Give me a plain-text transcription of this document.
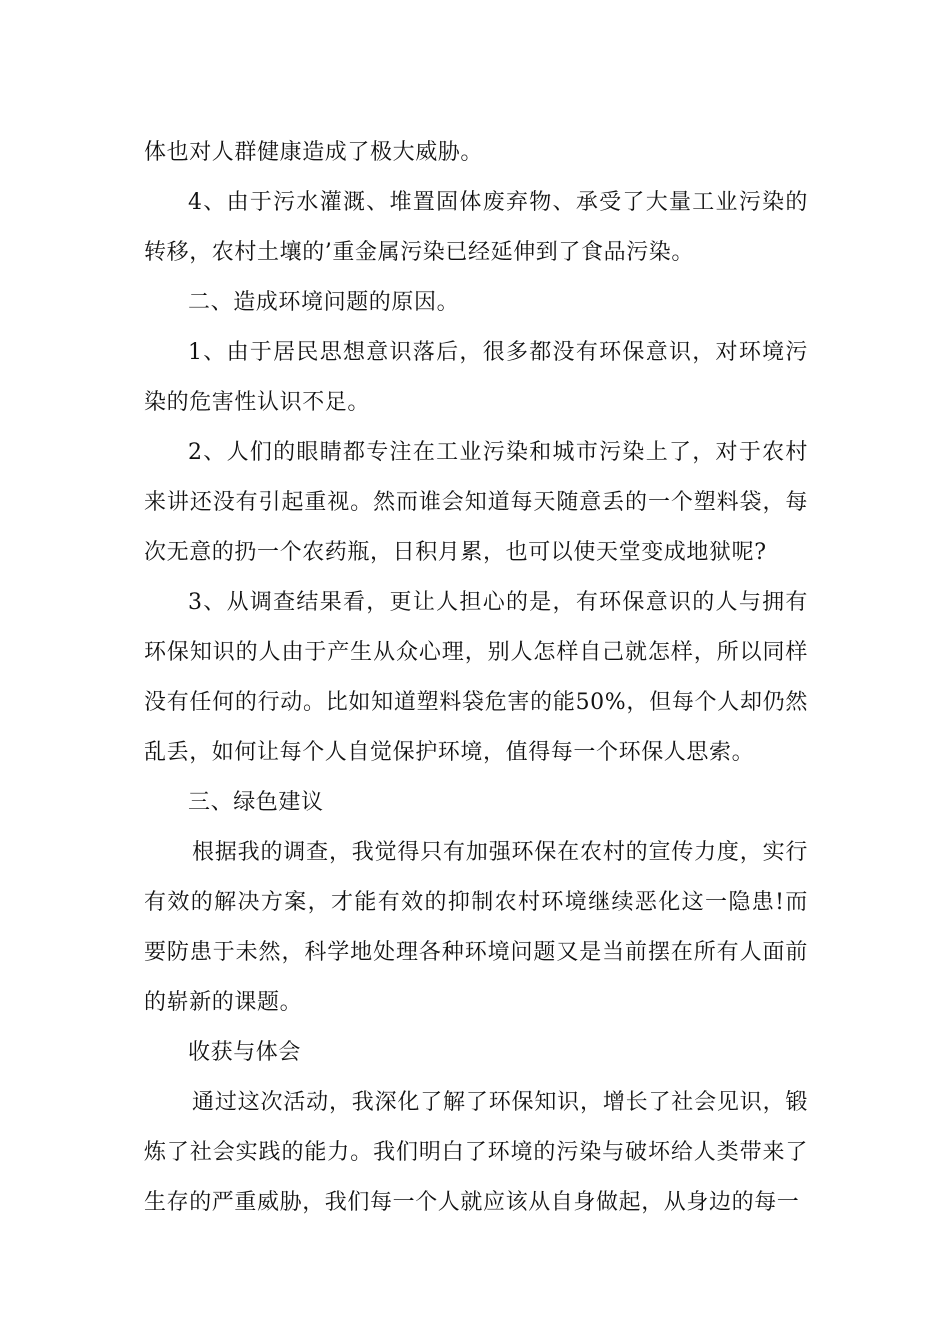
体也对人群健康造成了极大威胁。

4、由于污水灌溉、堆置固体废弃物、承受了大量工业污染的转移，农村土壤的’重金属污染已经延伸到了食品污染。

二、造成环境问题的原因。

1、由于居民思想意识落后，很多都没有环保意识，对环境污染的危害性认识不足。

2、人们的眼睛都专注在工业污染和城市污染上了，对于农村来讲还没有引起重视。然而谁会知道每天随意丢的一个塑料袋，每次无意的扔一个农药瓶，日积月累，也可以使天堂变成地狱呢?

3、从调查结果看，更让人担心的是，有环保意识的人与拥有环保知识的人由于产生从众心理，别人怎样自己就怎样，所以同样没有任何的行动。比如知道塑料袋危害的能50%，但每个人却仍然乱丢，如何让每个人自觉保护环境，值得每一个环保人思索。

三、绿色建议

根据我的调查，我觉得只有加强环保在农村的宣传力度，实行有效的解决方案，才能有效的抑制农村环境继续恶化这一隐患!而要防患于未然，科学地处理各种环境问题又是当前摆在所有人面前的崭新的课题。

收获与体会

通过这次活动，我深化了解了环保知识，增长了社会见识，锻炼了社会实践的能力。我们明白了环境的污染与破坏给人类带来了生存的严重威胁，我们每一个人就应该从自身做起，从身边的每一
